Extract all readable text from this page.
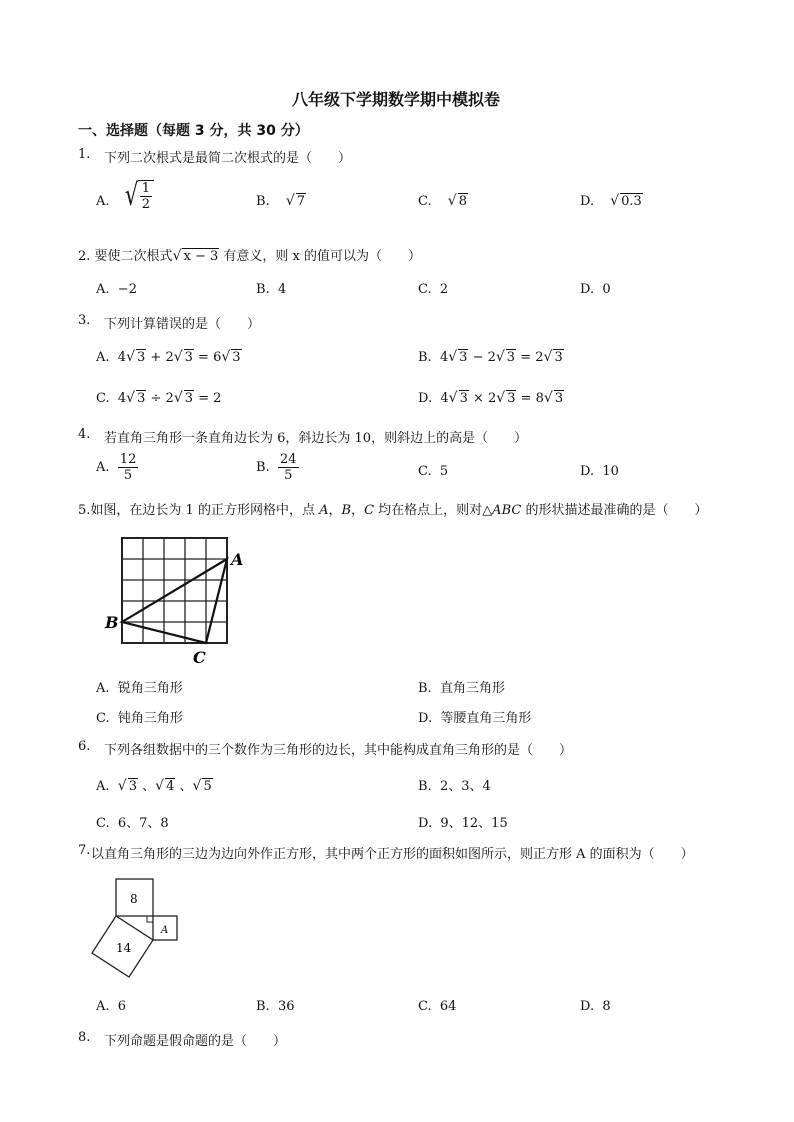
八年级下学期数学期中模拟卷
一、选择题（每题 3 分，共 30 分）
1. 下列二次根式是最简二次根式的是（　　）
A. √ $\frac{1}{2}$	B. √ 7	C. √ 8	D. √ 0.3
2. 要使二次根式√ x − 3 有意义，则 x 的值可以为（　　）
A. −2	B. 4	C. 2	D. 0
3. 下列计算错误的是（　　）
A. 4√ 3 + 2√ 3 = 6√ 3	B. 4√ 3 − 2√ 3 = 2√ 3
C. 4√ 3 ÷ 2√ 3 = 2	D. 4√ 3 × 2√ 3 = 8√ 3
4. 若直角三角形一条直角边长为 6，斜边长为 10，则斜边上的高是（　　）
A. $\frac{12}{5}$	B. $\frac{24}{5}$	C. 5	D. 10
5.如图，在边长为 1 的正方形网格中，点 A，B，C 均在格点上，则对△ABC 的形状描述最准确的是（　　）
A
B
C
A. 锐角三角形	B. 直角三角形
C. 钝角三角形	D. 等腰直角三角形
6. 下列各组数据中的三个数作为三角形的边长，其中能构成直角三角形的是（　　）
A. √ 3 、√ 4 、√ 5	B. 2、3、4
C. 6、7、8	D. 9、12、15
7. 以直角三角形的三边为边向外作正方形，其中两个正方形的面积如图所示，则正方形 A 的面积为（　　）
8
A
14
A. 6	B. 36	C. 64	D. 8
8. 下列命题是假命题的是（　　）
